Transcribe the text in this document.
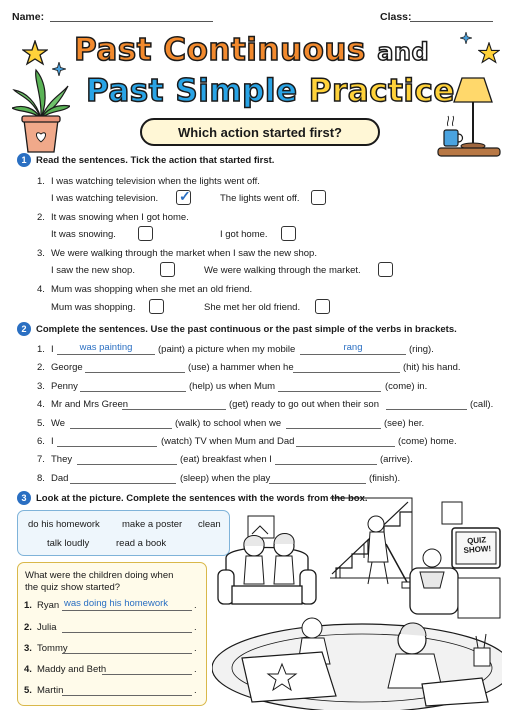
Name:	Class:
Past Continuous and
Past Simple Practice
Which action started first?
1	Read the sentences. Tick the action that started first.
1. I was watching television when the lights went off.
I was watching television. ✓	The lights went off.
2. It was snowing when I got home.
It was snowing.	I got home.
3. We were walking through the market when I saw the new shop.
I saw the new shop.	We were walking through the market.
4. Mum was shopping when she met an old friend.
Mum was shopping.	She met her old friend.
2	Complete the sentences. Use the past continuous or the past simple of the verbs in brackets.
1. I	was painting	(paint) a picture when my mobile	rang	(ring).
2. George	(use) a hammer when he	(hit) his hand.
3. Penny	(help) us when Mum	(come) in.
4. Mr and Mrs Green	(get) ready to go out when their son	(call).
5. We	(walk) to school when we	(see) her.
6. I	(watch) TV when Mum and Dad	(come) home.
7. They	(eat) breakfast when I	(arrive).
8. Dad	(sleep) when the play	(finish).
3	Look at the picture. Complete the sentences with the words from the box.
do his homework make a poster clean
talk loudly	read a book
What were the children doing when the quiz show started?
1. Ryan was doing his homework	.
2. Julia	.
3. Tommy	.
4. Maddy and Beth	.
5. Martin	.
QUIZ SHOW!
